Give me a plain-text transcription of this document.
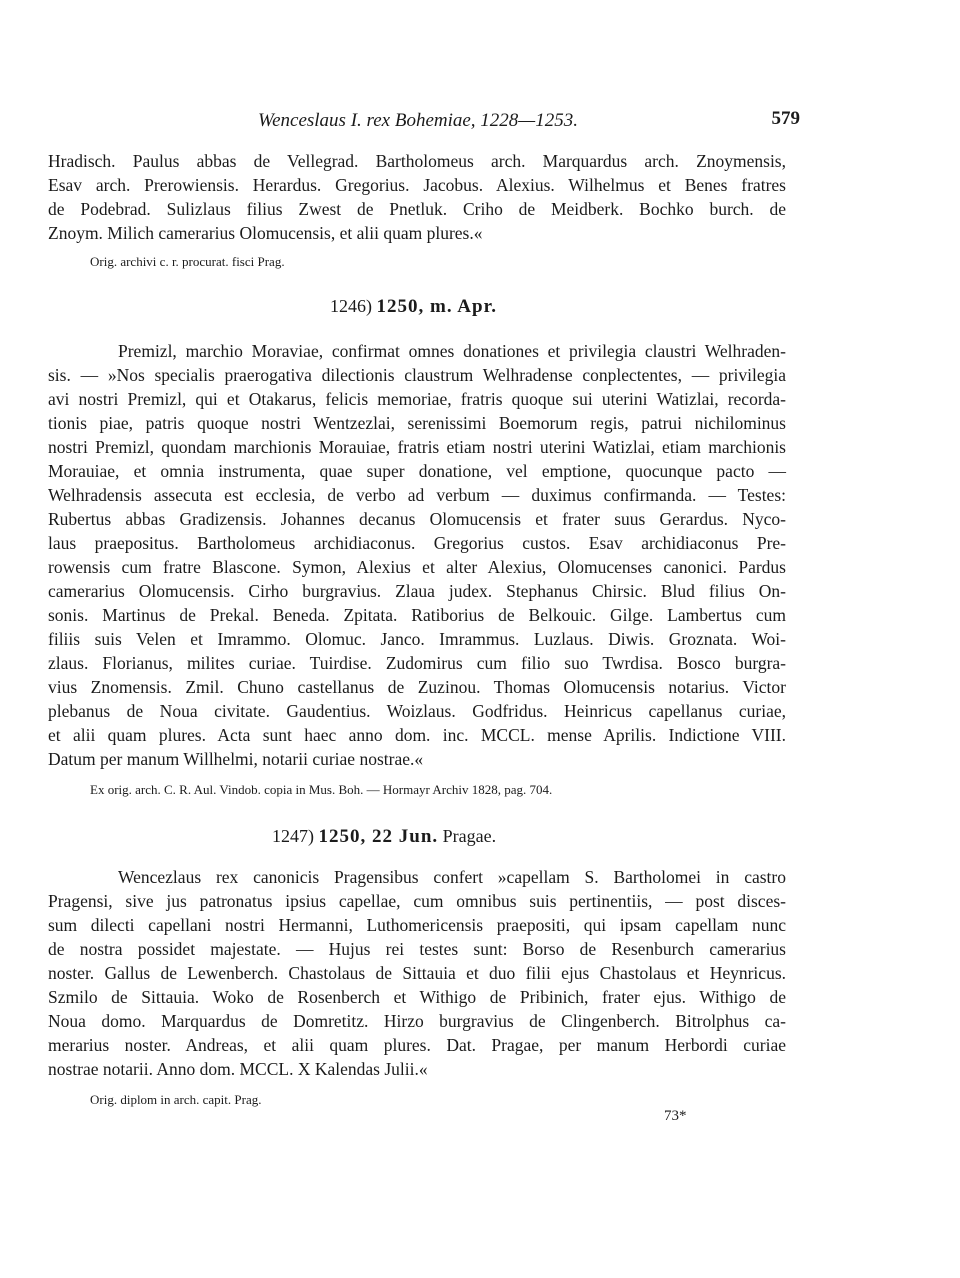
Wenceslaus I. rex Bohemiae, 1228—1253.	579
Hradisch. Paulus abbas de Vellegrad. Bartholomeus arch. Marquardus arch. Znoymensis,
Esav arch. Prerowiensis. Herardus. Gregorius. Jacobus. Alexius. Wilhelmus et Benes fratres
de Podebrad. Sulizlaus filius Zwest de Pnetluk. Criho de Meidberk. Bochko burch. de
Znoym. Milich camerarius Olomucensis, et alii quam plures.«
Orig. archivi c. r. procurat. fisci Prag.
1246) 1250, m. Apr.
Premizl, marchio Moraviae, confirmat omnes donationes et privilegia claustri Welhraden-
sis. — »Nos specialis praerogativa dilectionis claustrum Welhradense conplectentes, — privilegia
avi nostri Premizl, qui et Otakarus, felicis memoriae, fratris quoque sui uterini Watizlai, recorda-
tionis piae, patris quoque nostri Wentzezlai, serenissimi Boemorum regis, patrui nichilominus
nostri Premizl, quondam marchionis Morauiae, fratris etiam nostri uterini Watizlai, etiam marchionis
Morauiae, et omnia instrumenta, quae super donatione, vel emptione, quocunque pacto —
Welhradensis assecuta est ecclesia, de verbo ad verbum — duximus confirmanda. — Testes:
Rubertus abbas Gradizensis. Johannes decanus Olomucensis et frater suus Gerardus. Nyco-
laus praepositus. Bartholomeus archidiaconus. Gregorius custos. Esav archidiaconus Pre-
rowensis cum fratre Blascone. Symon, Alexius et alter Alexius, Olomucenses canonici. Pardus
camerarius Olomucensis. Cirho burgravius. Zlaua judex. Stephanus Chirsic. Blud filius On-
sonis. Martinus de Prekal. Beneda. Zpitata. Ratiborius de Belkouic. Gilge. Lambertus cum
filiis suis Velen et Imrammo. Olomuc. Janco. Imrammus. Luzlaus. Diwis. Groznata. Woi-
zlaus. Florianus, milites curiae. Tuirdise. Zudomirus cum filio suo Twrdisa. Bosco burgra-
vius Znomensis. Zmil. Chuno castellanus de Zuzinou. Thomas Olomucensis notarius. Victor
plebanus de Noua civitate. Gaudentius. Woizlaus. Godfridus. Heinricus capellanus curiae,
et alii quam plures. Acta sunt haec anno dom. inc. MCCL. mense Aprilis. Indictione VIII.
Datum per manum Willhelmi, notarii curiae nostrae.«
Ex orig. arch. C. R. Aul. Vindob. copia in Mus. Boh. — Hormayr Archiv 1828, pag. 704.
1247) 1250, 22 Jun. Pragae.
Wencezlaus rex canonicis Pragensibus confert »capellam S. Bartholomei in castro
Pragensi, sive jus patronatus ipsius capellae, cum omnibus suis pertinentiis, — post disces-
sum dilecti capellani nostri Hermanni, Luthomericensis praepositi, qui ipsam capellam nunc
de nostra possidet majestate. — Hujus rei testes sunt: Borso de Resenburch camerarius
noster. Gallus de Lewenberch. Chastolaus de Sittauia et duo filii ejus Chastolaus et Heynricus.
Szmilo de Sittauia. Woko de Rosenberch et Withigo de Pribinich, frater ejus. Withigo de
Noua domo. Marquardus de Domretitz. Hirzo burgravius de Clingenberch. Bitrolphus ca-
merarius noster. Andreas, et alii quam plures. Dat. Pragae, per manum Herbordi curiae
nostrae notarii. Anno dom. MCCL. X Kalendas Julii.«
Orig. diplom in arch. capit. Prag.
73*
